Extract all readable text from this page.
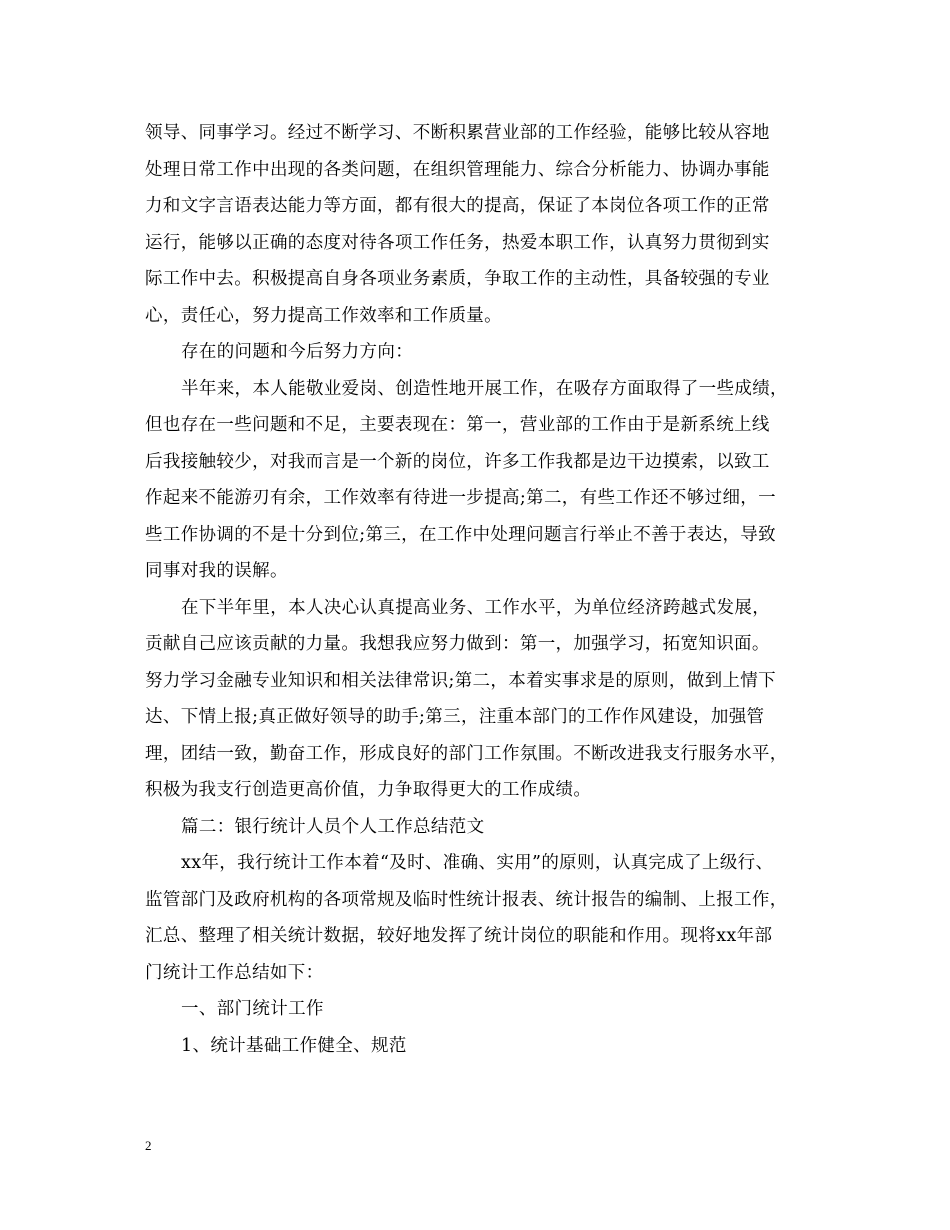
领导、同事学习。经过不断学习、不断积累营业部的工作经验，能够比较从容地
处理日常工作中出现的各类问题，在组织管理能力、综合分析能力、协调办事能
力和文字言语表达能力等方面，都有很大的提高，保证了本岗位各项工作的正常
运行，能够以正确的态度对待各项工作任务，热爱本职工作，认真努力贯彻到实
际工作中去。积极提高自身各项业务素质，争取工作的主动性，具备较强的专业
心，责任心，努力提高工作效率和工作质量。
存在的问题和今后努力方向：
半年来，本人能敬业爱岗、创造性地开展工作，在吸存方面取得了一些成绩，
但也存在一些问题和不足，主要表现在：第一，营业部的工作由于是新系统上线
后我接触较少，对我而言是一个新的岗位，许多工作我都是边干边摸索，以致工
作起来不能游刃有余，工作效率有待进一步提高;第二，有些工作还不够过细，一
些工作协调的不是十分到位;第三，在工作中处理问题言行举止不善于表达，导致
同事对我的误解。
在下半年里，本人决心认真提高业务、工作水平，为单位经济跨越式发展，
贡献自己应该贡献的力量。我想我应努力做到：第一，加强学习，拓宽知识面。
努力学习金融专业知识和相关法律常识;第二，本着实事求是的原则，做到上情下
达、下情上报;真正做好领导的助手;第三，注重本部门的工作作风建设，加强管
理，团结一致，勤奋工作，形成良好的部门工作氛围。不断改进我支行服务水平，
积极为我支行创造更高价值，力争取得更大的工作成绩。
篇二：银行统计人员个人工作总结范文
xx年，我行统计工作本着“及时、准确、实用”的原则，认真完成了上级行、
监管部门及政府机构的各项常规及临时性统计报表、统计报告的编制、上报工作，
汇总、整理了相关统计数据，较好地发挥了统计岗位的职能和作用。现将xx年部
门统计工作总结如下：
一、部门统计工作
1、统计基础工作健全、规范
2
